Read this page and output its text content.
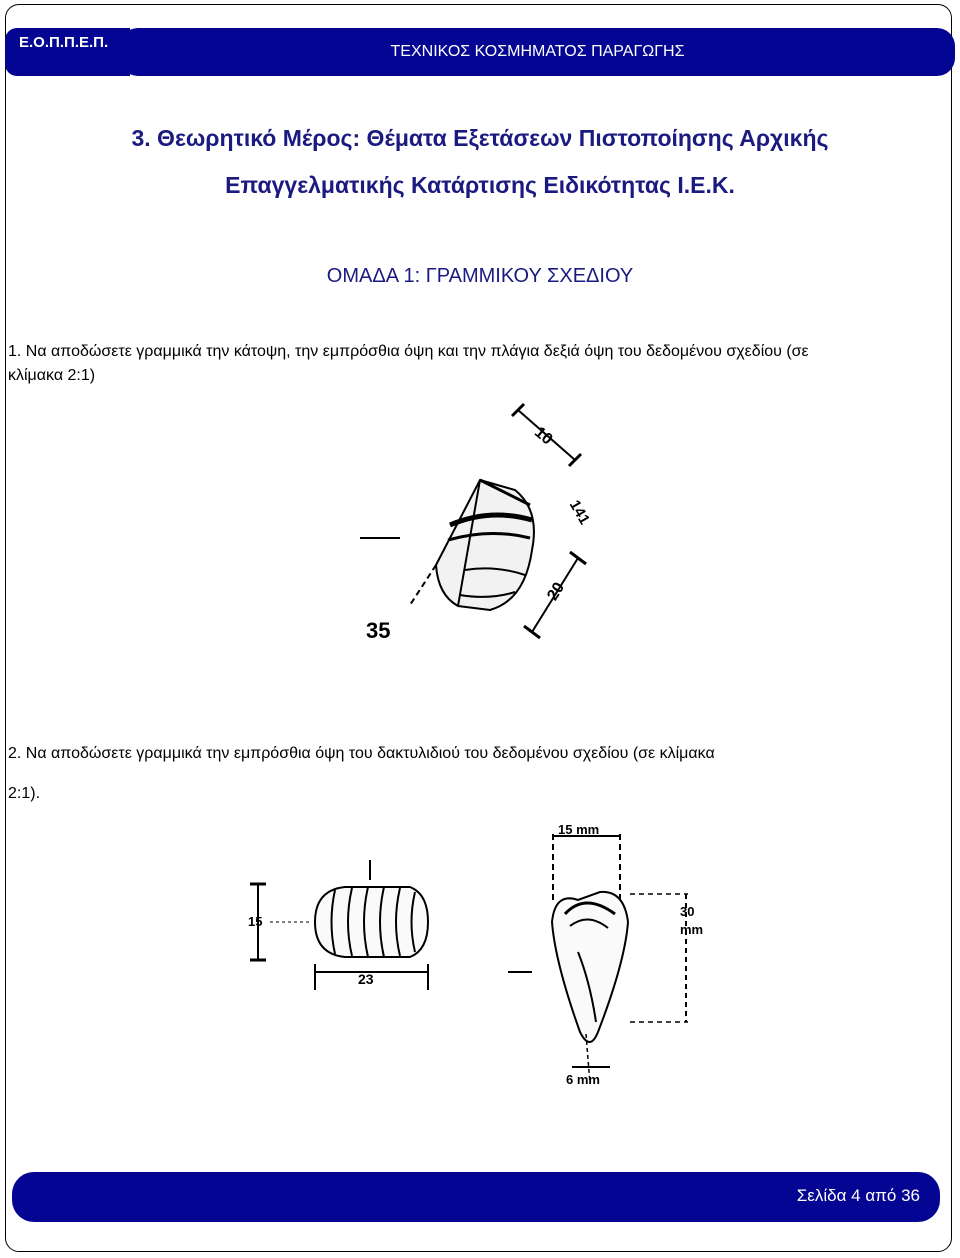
ΤΕΧΝΙΚΟΣ ΚΟΣΜΗΜΑΤΟΣ ΠΑΡΑΓΩΓΗΣ
Ε.Ο.Π.Π.Ε.Π.
3. Θεωρητικό Μέρος: Θέματα Εξετάσεων Πιστοποίησης Αρχικής
Επαγγελματικής Κατάρτισης Ειδικότητας Ι.Ε.Κ.
ΟΜΑΔΑ 1: ΓΡΑΜΜΙΚΟΥ ΣΧΕΔΙΟΥ
1. Να αποδώσετε γραμμικά την κάτοψη, την εμπρόσθια όψη και την πλάγια δεξιά όψη του δεδομένου σχεδίου (σε
κλίμακα 2:1)
10
141
20
35
2. Να αποδώσετε γραμμικά την εμπρόσθια όψη του δακτυλιδιού του δεδομένου σχεδίου (σε κλίμακα
2:1).
15
23
15 mm
30
mm
6 mm
Σελίδα 4 από 36
